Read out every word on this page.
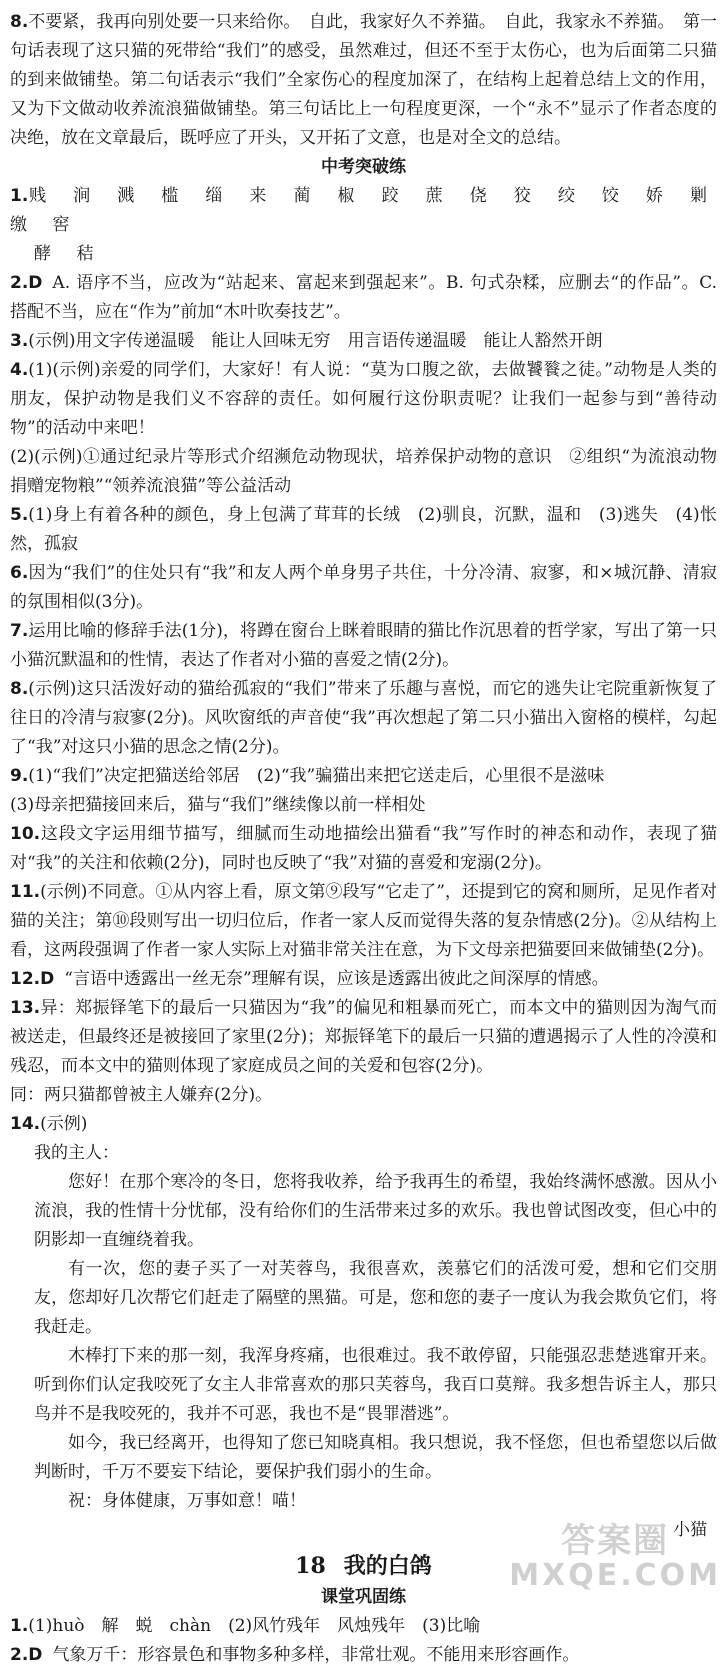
8.不要紧，我再向别处要一只来给你。　自此，我家好久不养猫。　自此，我家永不养猫。　第一句话表现了这只猫的死带给“我们”的感受，虽然难过，但还不至于太伤心，也为后面第二只猫的到来做铺垫。第二句话表示“我们”全家伤心的程度加深了，在结构上起着总结上文的作用，又为下文做动收养流浪猫做铺垫。第三句话比上一句程度更深，一个“永不”显示了作者态度的决绝，放在文章最后，既呼应了开头，又开拓了文意，也是对全文的总结。

中考突破练

1.贱 涧 溅 槛 缁 来 蔺 椒 跤 蔗 侥 狡 绞 饺 娇 剿 缴 窖
酵 秸

2.D A. 语序不当，应改为“站起来、富起来到强起来”。B. 句式杂糅，应删去“的作品”。C. 搭配不当，应在“作为”前加“木叶吹奏技艺”。

3.(示例)用文字传递温暖　能让人回味无穷　用言语传递温暖　能让人豁然开朗

4.(1)(示例)亲爱的同学们，大家好！有人说：“莫为口腹之欲，去做饕餮之徒。”动物是人类的朋友，保护动物是我们义不容辞的责任。如何履行这份职责呢？让我们一起参与到“善待动物”的活动中来吧！
(2)(示例)①通过纪录片等形式介绍濒危动物现状，培养保护动物的意识　②组织“为流浪动物捐赠宠物粮”“领养流浪猫”等公益活动

5.(1)身上有着各种的颜色，身上包满了茸茸的长绒　(2)驯良，沉默，温和　(3)逃失　(4)怅然，孤寂

6.因为“我们”的住处只有“我”和友人两个单身男子共住，十分冷清、寂寥，和×城沉静、清寂的氛围相似(3分)。

7.运用比喻的修辞手法(1分)，将蹲在窗台上眯着眼睛的猫比作沉思着的哲学家，写出了第一只小猫沉默温和的性情，表达了作者对小猫的喜爱之情(2分)。

8.(示例)这只活泼好动的猫给孤寂的“我们”带来了乐趣与喜悦，而它的逃失让宅院重新恢复了往日的冷清与寂寥(2分)。风吹窗纸的声音使“我”再次想起了第二只小猫出入窗格的模样，勾起了“我”对这只小猫的思念之情(2分)。

9.(1)“我们”决定把猫送给邻居　(2)“我”骗猫出来把它送走后，心里很不是滋味
(3)母亲把猫接回来后，猫与“我们”继续像以前一样相处

10.这段文字运用细节描写，细腻而生动地描绘出猫看“我”写作时的神态和动作，表现了猫对“我”的关注和依赖(2分)，同时也反映了“我”对猫的喜爱和宠溺(2分)。

11.(示例)不同意。①从内容上看，原文第⑨段写“它走了”，还提到它的窝和厕所，足见作者对猫的关注；第⑩段则写出一切归位后，作者一家人反而觉得失落的复杂情感(2分)。②从结构上看，这两段强调了作者一家人实际上对猫非常关注在意，为下文母亲把猫要回来做铺垫(2分)。

12.D “言语中透露出一丝无奈”理解有误，应该是透露出彼此之间深厚的情感。

13.异：郑振铎笔下的最后一只猫因为“我”的偏见和粗暴而死亡，而本文中的猫则因为淘气而被送走，但最终还是被接回了家里(2分)；郑振铎笔下的最后一只猫的遭遇揭示了人性的冷漠和残忍，而本文中的猫则体现了家庭成员之间的关爱和包容(2分)。
同：两只猫都曾被主人嫌弃(2分)。

14.(示例)
我的主人：
您好！在那个寒冷的冬日，您将我收养，给予我再生的希望，我始终满怀感激。因从小流浪，我的性情十分忧郁，没有给你们的生活带来过多的欢乐。我也曾试图改变，但心中的阴影却一直缠绕着我。
有一次，您的妻子买了一对芙蓉鸟，我很喜欢，羡慕它们的活泼可爱，想和它们交朋友，您却好几次帮它们赶走了隔壁的黑猫。可是，您和您的妻子一度认为我会欺负它们，将我赶走。
木棒打下来的那一刻，我浑身疼痛，也很难过。我不敢停留，只能强忍悲楚逃窜开来。听到你们认定我咬死了女主人非常喜欢的那只芙蓉鸟，我百口莫辩。我多想告诉主人，那只鸟并不是我咬死的，我并不可恶，我也不是“畏罪潜逃”。
如今，我已经离开，也得知了您已知晓真相。我只想说，我不怪您，但也希望您以后做判断时，千万不要妄下结论，要保护我们弱小的生命。
祝：身体健康，万事如意！喵！
小猫
18 我的白鸽

课堂巩固练

1.(1)huò　解　蜕　chàn　(2)风竹残年　风烛残年　(3)比喻

2.D 气象万千：形容景色和事物多种多样，非常壮观。不能用来形容画作。

答案圈
MXQE.COM
